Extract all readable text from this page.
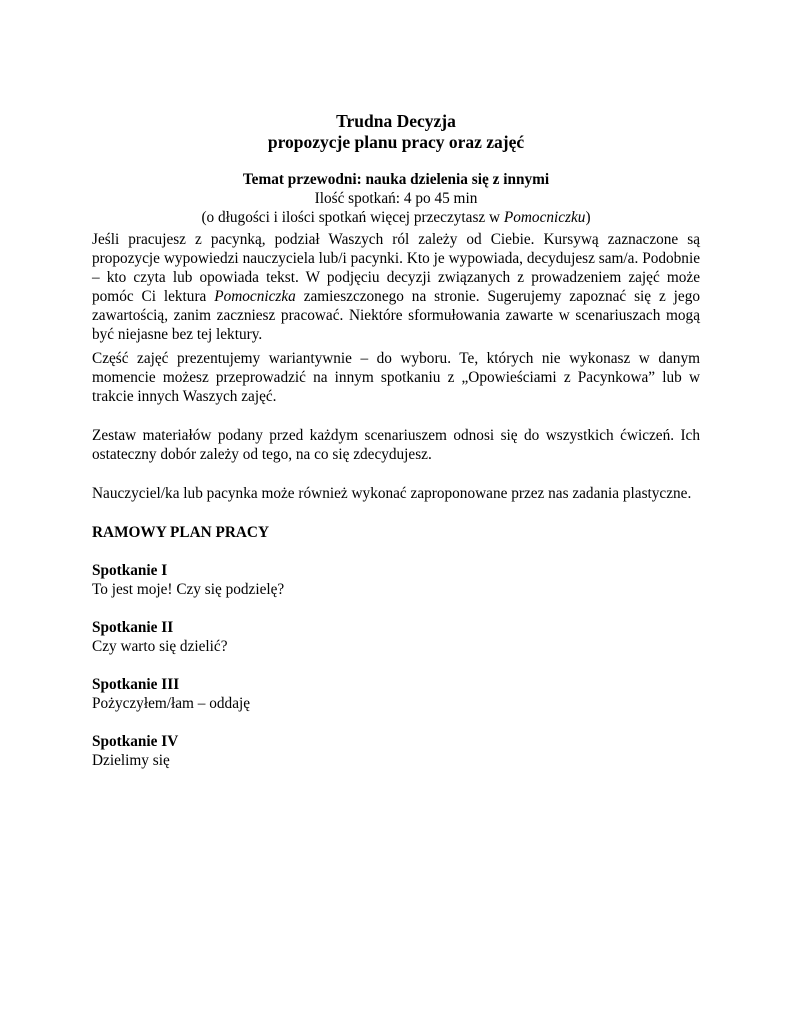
Trudna Decyzja

propozycje planu pracy oraz zajęć

Temat przewodni: nauka dzielenia się z innymi

Ilość spotkań: 4 po 45 min

(o długości i ilości spotkań więcej przeczytasz w Pomocniczku)

Jeśli pracujesz z pacynką, podział Waszych ról zależy od Ciebie. Kursywą zaznaczone są propozycje wypowiedzi nauczyciela lub/i pacynki. Kto je wypowiada, decydujesz sam/a. Podobnie – kto czyta lub opowiada tekst. W podjęciu decyzji związanych z prowadzeniem zajęć może pomóc Ci lektura Pomocniczka zamieszczonego na stronie. Sugerujemy zapoznać się z jego zawartością, zanim zaczniesz pracować. Niektóre sformułowania zawarte w scenariuszach mogą być niejasne bez tej lektury.

Część zajęć prezentujemy wariantywnie – do wyboru. Te, których nie wykonasz w danym momencie możesz przeprowadzić na innym spotkaniu z „Opowieściami z Pacynkowa” lub w trakcie innych Waszych zajęć.

Zestaw materiałów podany przed każdym scenariuszem odnosi się do wszystkich ćwiczeń. Ich ostateczny dobór zależy od tego, na co się zdecydujesz.

Nauczyciel/ka lub pacynka może również wykonać zaproponowane przez nas zadania plastyczne.

RAMOWY PLAN PRACY

Spotkanie I

To jest moje! Czy się podzielę?

Spotkanie II

Czy warto się dzielić?

Spotkanie III

Pożyczyłem/łam – oddaję

Spotkanie IV

Dzielimy się
